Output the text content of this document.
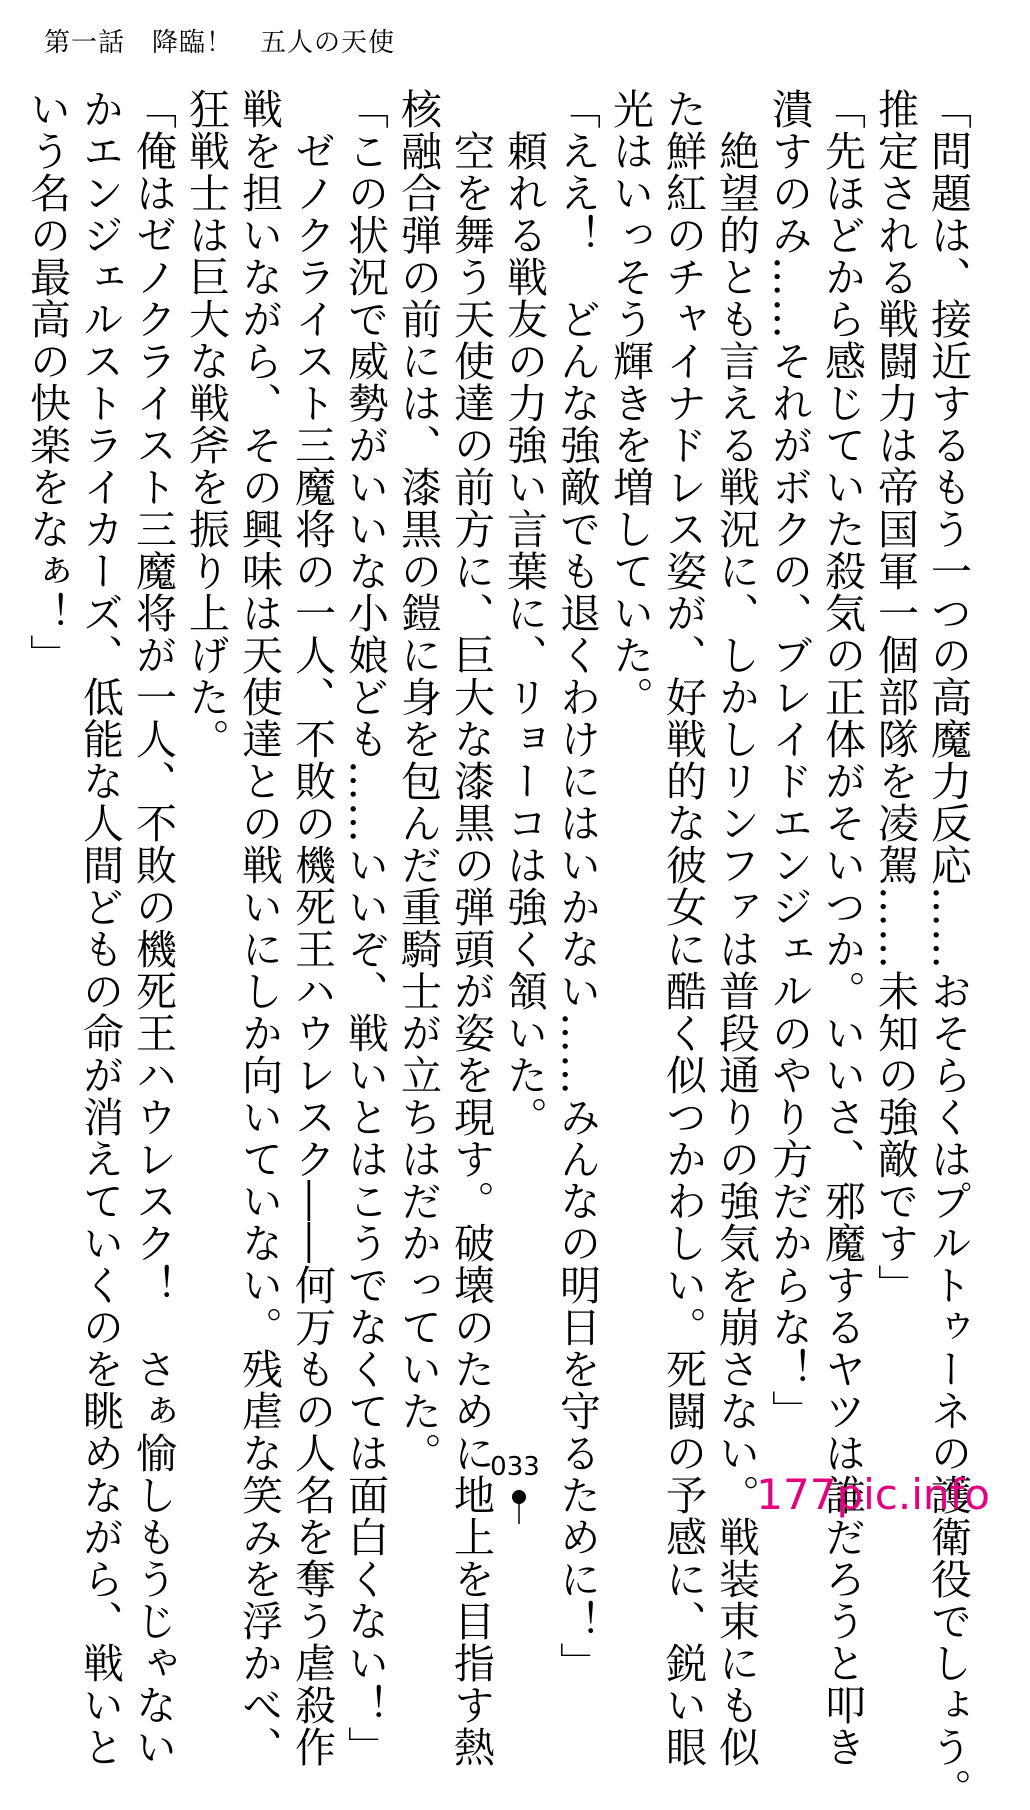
第一話　降臨！　五人の天使
「問題は、接近するもう一つの高魔力反応……おそらくはプルトゥーネの護衛役でしょう。
推定される戦闘力は帝国軍一個部隊を凌駕……未知の強敵です」
「先ほどから感じていた殺気の正体がそいつか。いいさ、邪魔するヤツは誰だろうと叩き
潰すのみ……それがボクの、ブレイドエンジェルのやり方だからな！」
　絶望的とも言える戦況に、しかしリンファは普段通りの強気を崩さない。戦装束にも似
た鮮紅のチャイナドレス姿が、好戦的な彼女に酷く似つかわしい。死闘の予感に、鋭い眼
光はいっそう輝きを増していた。
「ええ！　どんな強敵でも退くわけにはいかない……みんなの明日を守るために！」
　頼れる戦友の力強い言葉に、リョーコは強く頷いた。
　空を舞う天使達の前方に、巨大な漆黒の弾頭が姿を現す。破壊のために地上を目指す熱
核融合弾の前には、漆黒の鎧に身を包んだ重騎士が立ちはだかっていた。
「この状況で威勢がいいな小娘ども……いいぞ、戦いとはこうでなくては面白くない！」
　ゼノクライスト三魔将の一人、不敗の機死王ハウレスク――何万もの人名を奪う虐殺作
戦を担いながら、その興味は天使達との戦いにしか向いていない。残虐な笑みを浮かべ、
狂戦士は巨大な戦斧を振り上げた。
「俺はゼノクライスト三魔将が一人、不敗の機死王ハウレスク！　さぁ愉しもうじゃない
かエンジェルストライカーズ、低能な人間どもの命が消えていくのを眺めながら、戦いと
いう名の最高の快楽をなぁ！」
033
177pic.info
